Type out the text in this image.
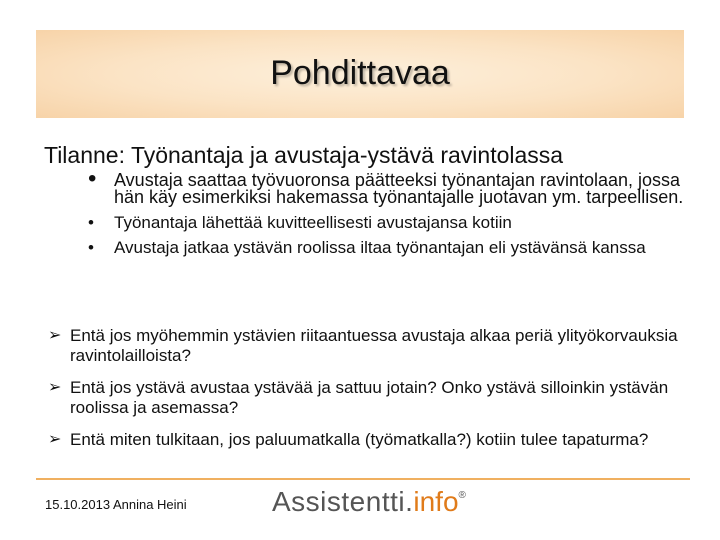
Pohdittavaa
Tilanne: Työnantaja ja avustaja-ystävä ravintolassa
• Avustaja saattaa työvuoronsa päätteeksi työnantajan ravintolaan, jossa hän käy esimerkiksi hakemassa työnantajalle juotavan ym. tarpeellisen.
• Työnantaja lähettää kuvitteellisesti avustajansa kotiin
• Avustaja jatkaa ystävän roolissa iltaa työnantajan eli ystävänsä kanssa
➢ Entä jos myöhemmin ystävien riitaantuessa avustaja alkaa periä ylityökorvauksia ravintolailloista?
➢ Entä jos ystävä avustaa ystävää ja sattuu jotain? Onko ystävä silloinkin ystävän roolissa ja asemassa?
➢ Entä miten tulkitaan, jos paluumatkalla (työmatkalla?) kotiin tulee tapaturma?
15.10.2013 Annina Heini	Assistentti.info®
